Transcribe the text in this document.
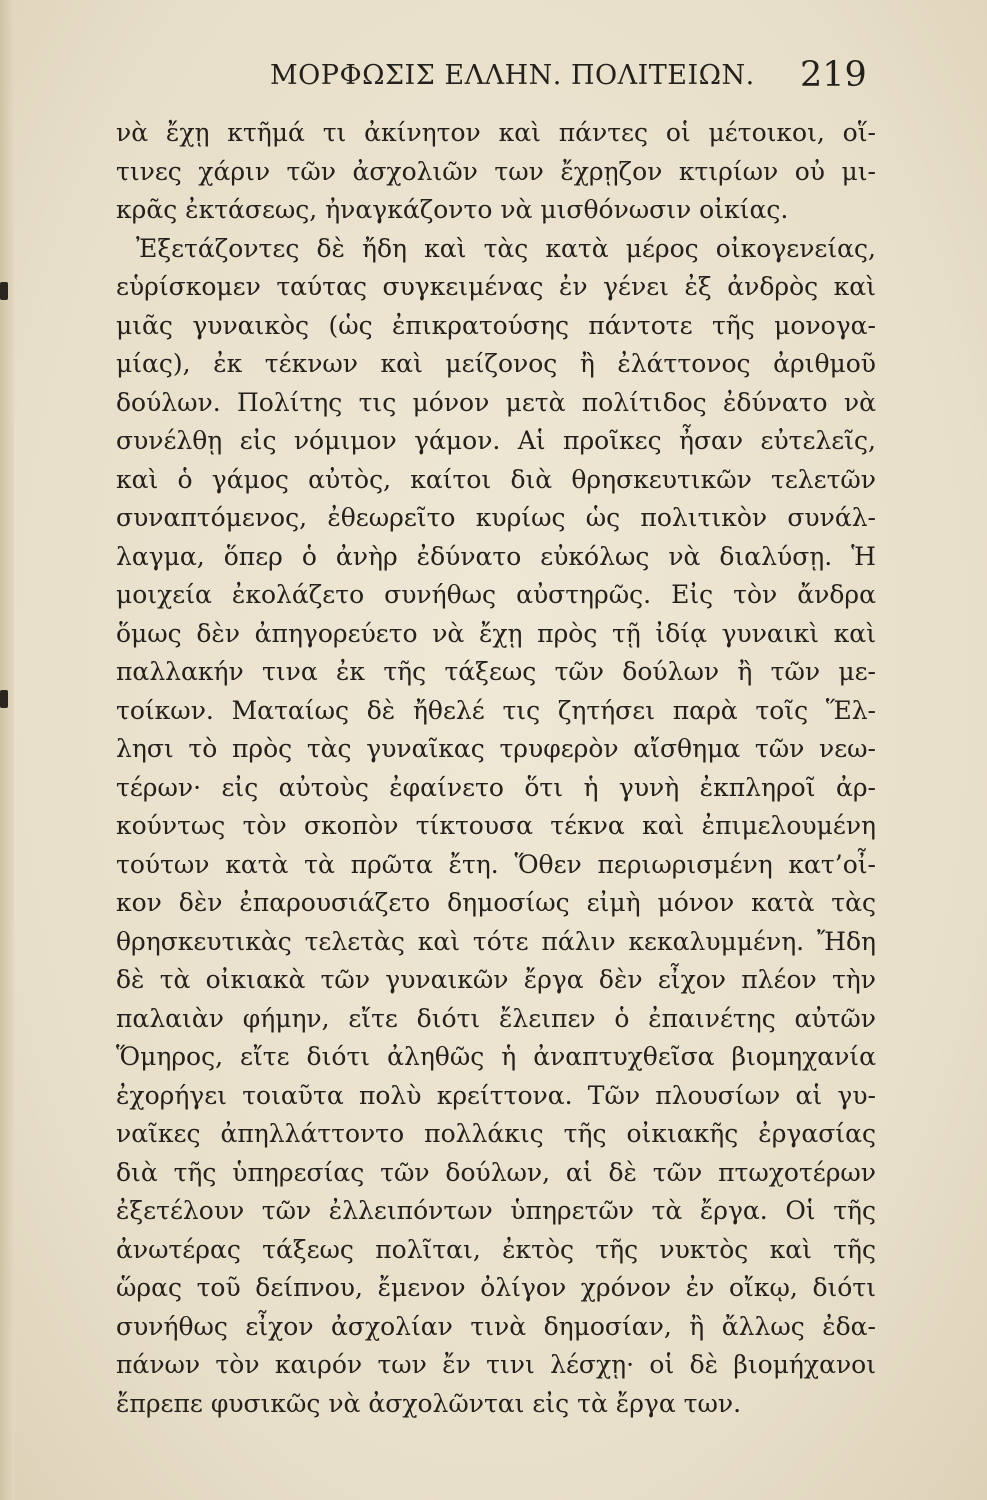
ΜΟΡΦΩΣΙΣ ΕΛΛΗΝ. ΠΟΛΙΤΕΙΩΝ. 219
νὰ ἔχῃ κτῆμά τι ἀκίνητον καὶ πάντες οἱ μέτοικοι, οἵ-
τινες χάριν τῶν ἀσχολιῶν των ἔχρῃζον κτιρίων οὐ μι-
κρᾶς ἐκτάσεως, ἠναγκάζοντο νὰ μισθόνωσιν οἰκίας.
Ἐξετάζοντες δὲ ἤδη καὶ τὰς κατὰ μέρος οἰκογενείας,
εὑρίσκομεν ταύτας συγκειμένας ἐν γένει ἐξ ἀνδρὸς καὶ
μιᾶς γυναικὸς (ὡς ἐπικρατούσης πάντοτε τῆς μονογα-
μίας), ἐκ τέκνων καὶ μείζονος ἢ ἐλάττονος ἀριθμοῦ
δούλων. Πολίτης τις μόνον μετὰ πολίτιδος ἐδύνατο νὰ
συνέλθῃ εἰς νόμιμον γάμον. Αἱ προῖκες ἦσαν εὐτελεῖς,
καὶ ὁ γάμος αὐτὸς, καίτοι διὰ θρησκευτικῶν τελετῶν
συναπτόμενος, ἐθεωρεῖτο κυρίως ὡς πολιτικὸν συνάλ-
λαγμα, ὅπερ ὁ ἀνὴρ ἐδύνατο εὐκόλως νὰ διαλύσῃ. Ἡ
μοιχεία ἐκολάζετο συνήθως αὐστηρῶς. Εἰς τὸν ἄνδρα
ὅμως δὲν ἀπηγορεύετο νὰ ἔχῃ πρὸς τῇ ἰδίᾳ γυναικὶ καὶ
παλλακήν τινα ἐκ τῆς τάξεως τῶν δούλων ἢ τῶν με-
τοίκων. Ματαίως δὲ ἤθελέ τις ζητήσει παρὰ τοῖς Ἕλ-
λησι τὸ πρὸς τὰς γυναῖκας τρυφερὸν αἴσθημα τῶν νεω-
τέρων· εἰς αὐτοὺς ἐφαίνετο ὅτι ἡ γυνὴ ἐκπληροῖ ἀρ-
κούντως τὸν σκοπὸν τίκτουσα τέκνα καὶ ἐπιμελουμένη
τούτων κατὰ τὰ πρῶτα ἔτη. Ὅθεν περιωρισμένη κατ’οἶ-
κον δὲν ἐπαρουσιάζετο δημοσίως εἰμὴ μόνον κατὰ τὰς
θρησκευτικὰς τελετὰς καὶ τότε πάλιν κεκαλυμμένη. Ἤδη
δὲ τὰ οἰκιακὰ τῶν γυναικῶν ἔργα δὲν εἶχον πλέον τὴν
παλαιὰν φήμην, εἴτε διότι ἔλειπεν ὁ ἐπαινέτης αὐτῶν
Ὅμηρος, εἴτε διότι ἀληθῶς ἡ ἀναπτυχθεῖσα βιομηχανία
ἐχορήγει τοιαῦτα πολὺ κρείττονα. Τῶν πλουσίων αἱ γυ-
ναῖκες ἀπηλλάττοντο πολλάκις τῆς οἰκιακῆς ἐργασίας
διὰ τῆς ὑπηρεσίας τῶν δούλων, αἱ δὲ τῶν πτωχοτέρων
ἐξετέλουν τῶν ἐλλειπόντων ὑπηρετῶν τὰ ἔργα. Οἱ τῆς
ἀνωτέρας τάξεως πολῖται, ἐκτὸς τῆς νυκτὸς καὶ τῆς
ὥρας τοῦ δείπνου, ἔμενον ὀλίγον χρόνον ἐν οἴκῳ, διότι
συνήθως εἶχον ἀσχολίαν τινὰ δημοσίαν, ἢ ἄλλως ἐδα-
πάνων τὸν καιρόν των ἔν τινι λέσχῃ· οἱ δὲ βιομήχανοι
ἔπρεπε φυσικῶς νὰ ἀσχολῶνται εἰς τὰ ἔργα των.
